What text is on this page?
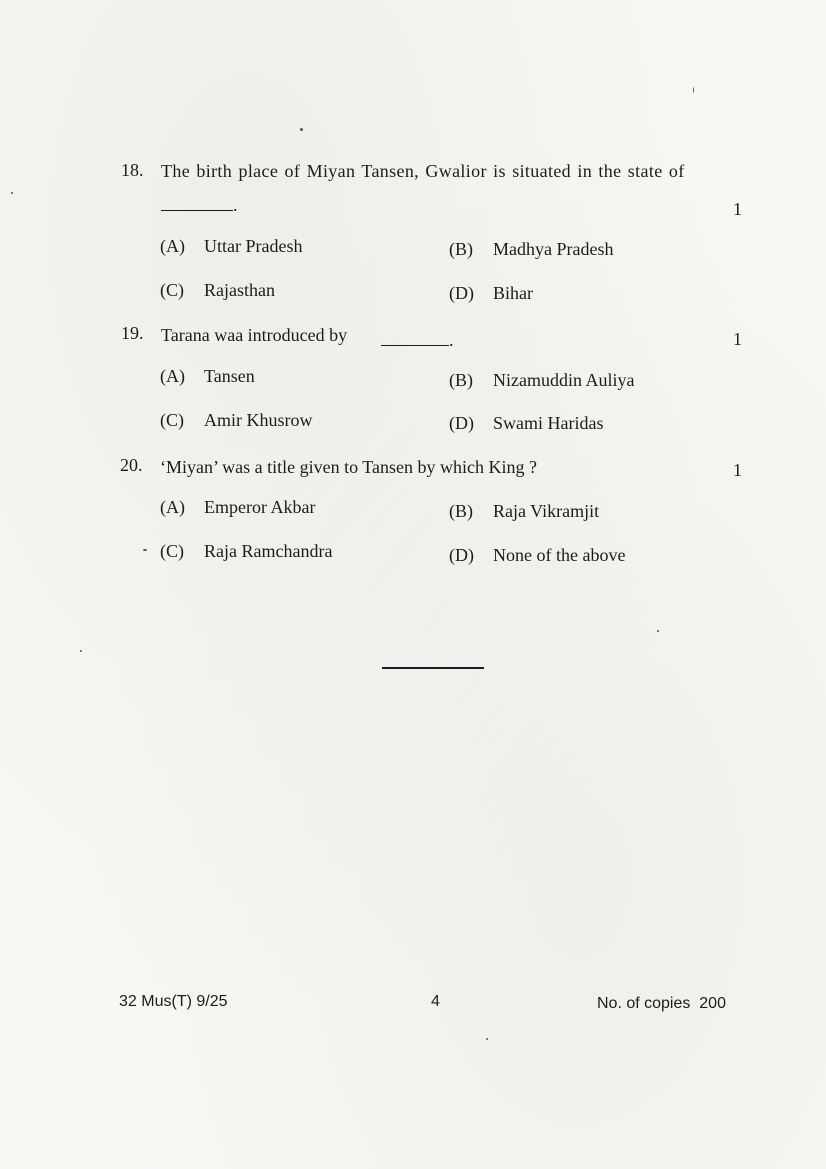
18. The birth place of Miyan Tansen, Gwalior is situated in the state of
.	1
(A) Uttar Pradesh	(B) Madhya Pradesh
(C) Rajasthan	(D) Bihar
19. Tarana waa introduced by	.	1
(A) Tansen	(B) Nizamuddin Auliya
(C) Amir Khusrow	(D) Swami Haridas
20. ‘Miyan’ was a title given to Tansen by which King ?	1
(A) Emperor Akbar	(B) Raja Vikramjit
(C) Raja Ramchandra	(D) None of the above
32 Mus(T) 9/25	4	No. of copies  200
